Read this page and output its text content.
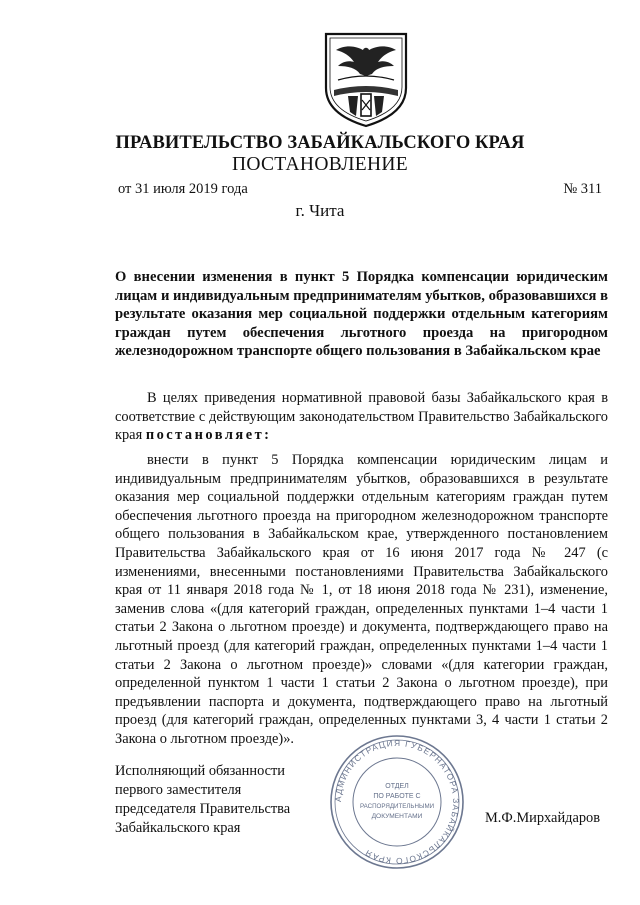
ПРАВИТЕЛЬСТВО ЗАБАЙКАЛЬСКОГО КРАЯ
ПОСТАНОВЛЕНИЕ
от 31 июля 2019 года	№ 311
г. Чита
О внесении изменения в пункт 5 Порядка компенсации юридическим лицам и индивидуальным предпринимателям убытков, образовавшихся в результате оказания мер социальной поддержки отдельным категориям граждан путем обеспечения льготного проезда на пригородном железнодорожном транспорте общего пользования в Забайкальском крае
В целях приведения нормативной правовой базы Забайкальского края в соответствие с действующим законодательством Правительство Забайкальского края постановляет:
внести в пункт 5 Порядка компенсации юридическим лицам и индивидуальным предпринимателям убытков, образовавшихся в результате оказания мер социальной поддержки отдельным категориям граждан путем обеспечения льготного проезда на пригородном железнодорожном транспорте общего пользования в Забайкальском крае, утвержденного постановлением Правительства Забайкальского края от 16 июня 2017 года № 247 (с изменениями, внесенными постановлениями Правительства Забайкальского края от 11 января 2018 года № 1, от 18 июня 2018 года № 231), изменение, заменив слова «(для категорий граждан, определенных пунктами 1–4 части 1 статьи 2 Закона о льготном проезде) и документа, подтверждающего право на льготный проезд (для категорий граждан, определенных пунктами 1–4 части 1 статьи 2 Закона о льготном проезде)» словами «(для категории граждан, определенной пунктом 1 части 1 статьи 2 Закона о льготном проезде), при предъявлении паспорта и документа, подтверждающего право на льготный проезд (для категорий граждан, определенных пунктами 3, 4 части 1 статьи 2 Закона о льготном проезде)».
Исполняющий обязанности
первого заместителя
председателя Правительства
Забайкальского края
М.Ф.Мирхайдаров
АДМИНИСТРАЦИЯ ГУБЕРНАТОРА ЗАБАЙКАЛЬСКОГО КРАЯ
ОТДЕЛ
ПО РАБОТЕ С
РАСПОРЯДИТЕЛЬНЫМИ
ДОКУМЕНТАМИ
